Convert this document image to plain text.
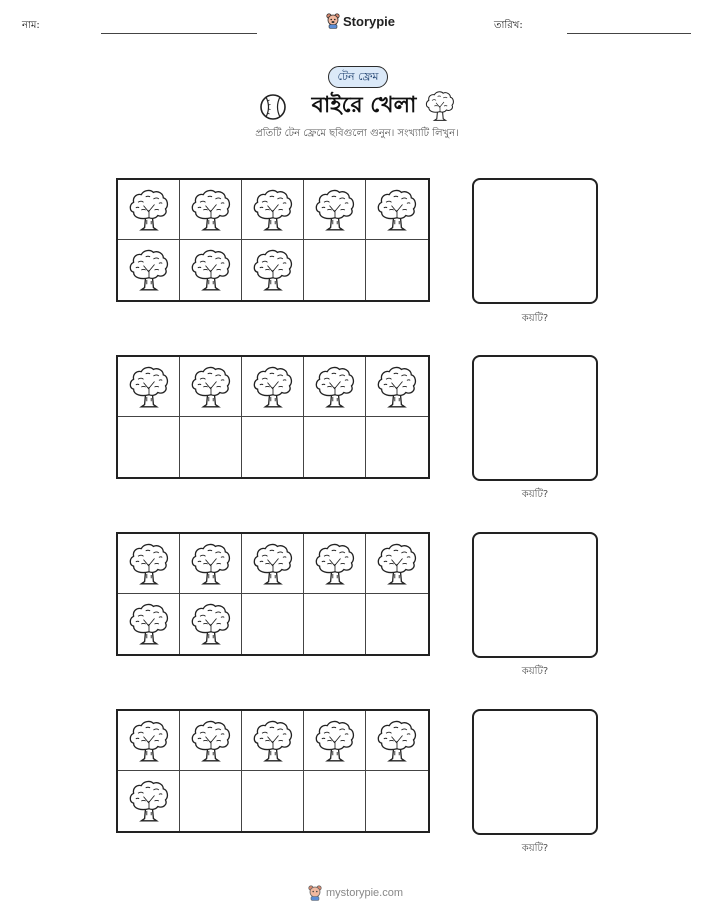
নাম:	Storypie	তারিখ:
টেন ফ্রেম
বাইরে খেলা
প্রতিটি টেন ফ্রেমে ছবিগুলো গুনুন। সংখ্যাটি লিখুন।
কয়টি?
কয়টি?
কয়টি?
কয়টি?
mystorypie.com
